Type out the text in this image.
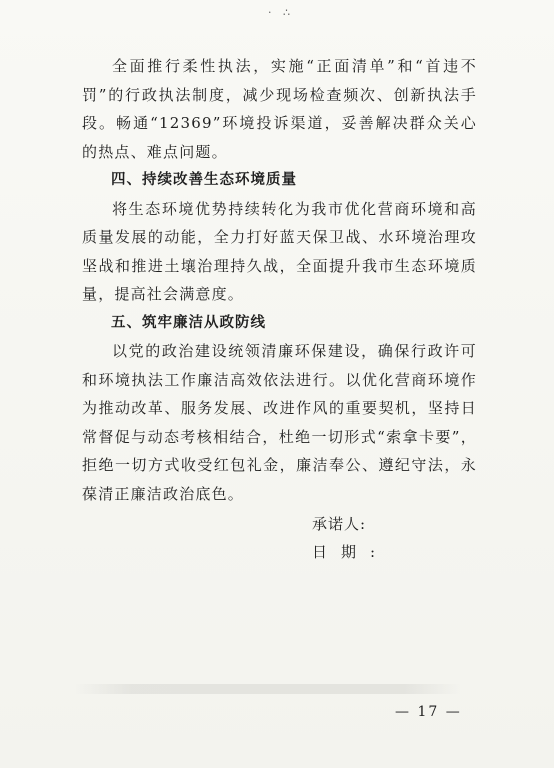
· ∴

全面推行柔性执法，实施“正面清单”和“首违不罚”的行政执法制度，减少现场检查频次、创新执法手段。畅通“12369”环境投诉渠道，妥善解决群众关心的热点、难点问题。

四、持续改善生态环境质量

将生态环境优势持续转化为我市优化营商环境和高质量发展的动能，全力打好蓝天保卫战、水环境治理攻坚战和推进土壤治理持久战，全面提升我市生态环境质量，提高社会满意度。

五、筑牢廉洁从政防线

以党的政治建设统领清廉环保建设，确保行政许可和环境执法工作廉洁高效依法进行。以优化营商环境作为推动改革、服务发展、改进作风的重要契机，坚持日常督促与动态考核相结合，杜绝一切形式“索拿卡要”，拒绝一切方式收受红包礼金，廉洁奉公、遵纪守法，永葆清正廉洁政治底色。

承诺人:
日期:
— 17 —
